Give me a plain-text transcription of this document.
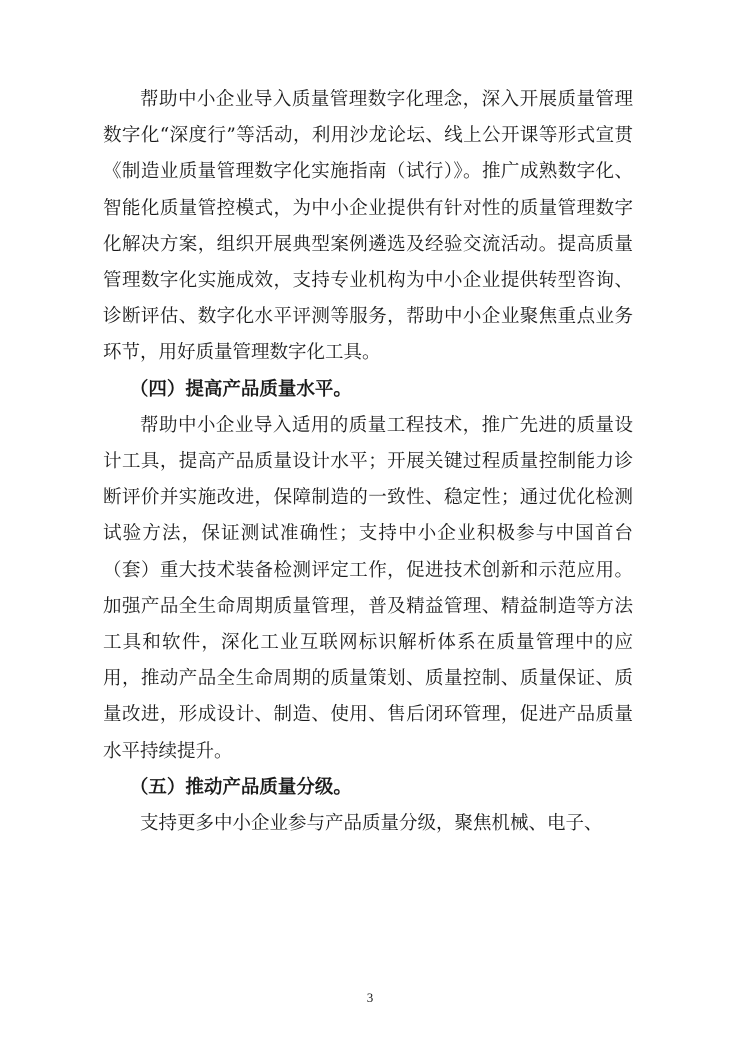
帮助中小企业导入质量管理数字化理念，深入开展质量管理数字化“深度行”等活动，利用沙龙论坛、线上公开课等形式宣贯《制造业质量管理数字化实施指南（试行）》。推广成熟数字化、智能化质量管控模式，为中小企业提供有针对性的质量管理数字化解决方案，组织开展典型案例遴选及经验交流活动。提高质量管理数字化实施成效，支持专业机构为中小企业提供转型咨询、诊断评估、数字化水平评测等服务，帮助中小企业聚焦重点业务环节，用好质量管理数字化工具。

（四）提高产品质量水平。

帮助中小企业导入适用的质量工程技术，推广先进的质量设计工具，提高产品质量设计水平；开展关键过程质量控制能力诊断评价并实施改进，保障制造的一致性、稳定性；通过优化检测试验方法，保证测试准确性；支持中小企业积极参与中国首台（套）重大技术装备检测评定工作，促进技术创新和示范应用。加强产品全生命周期质量管理，普及精益管理、精益制造等方法工具和软件，深化工业互联网标识解析体系在质量管理中的应用，推动产品全生命周期的质量策划、质量控制、质量保证、质量改进，形成设计、制造、使用、售后闭环管理，促进产品质量水平持续提升。

（五）推动产品质量分级。

支持更多中小企业参与产品质量分级，聚焦机械、电子、

3
